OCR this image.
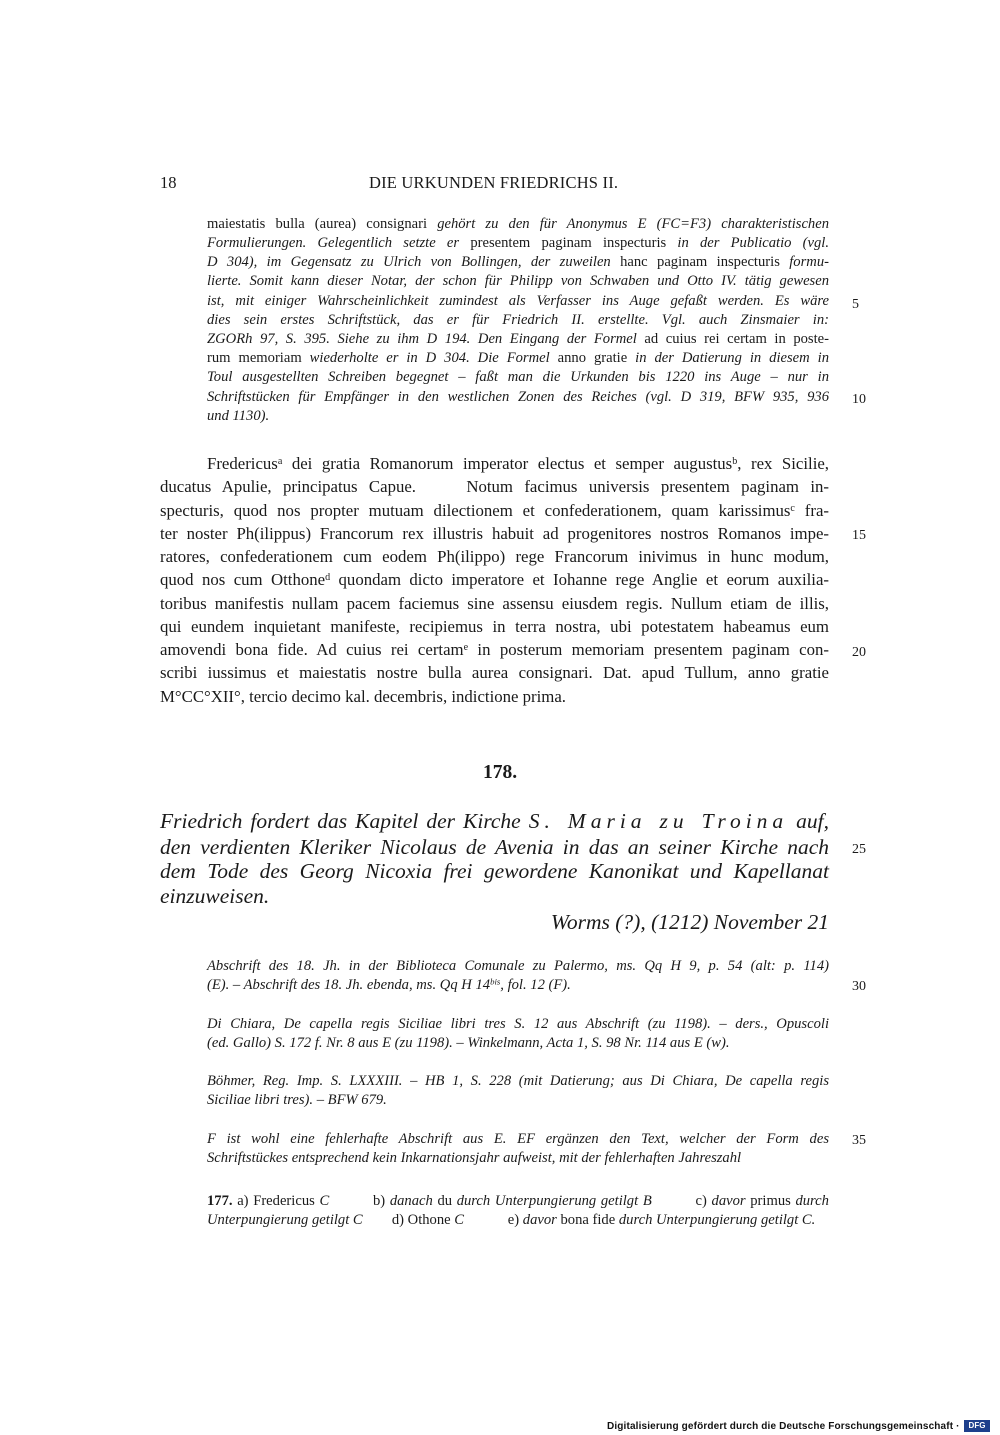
18	DIE URKUNDEN FRIEDRICHS II.
maiestatis bulla (aurea) consignari gehört zu den für Anonymus E (FC=F3) charakteristischen
Formulierungen. Gelegentlich setzte er presentem paginam inspecturis in der Publicatio (vgl.
D 304), im Gegensatz zu Ulrich von Bollingen, der zuweilen hanc paginam inspecturis formu-
lierte. Somit kann dieser Notar, der schon für Philipp von Schwaben und Otto IV. tätig gewesen
ist, mit einiger Wahrscheinlichkeit zumindest als Verfasser ins Auge gefaßt werden. Es wäre
dies sein erstes Schriftstück, das er für Friedrich II. erstellte. Vgl. auch Zinsmaier in:
ZGORh 97, S. 395. Siehe zu ihm D 194. Den Eingang der Formel ad cuius rei certam in poste-
rum memoriam wiederholte er in D 304. Die Formel anno gratie in der Datierung in diesem in
Toul ausgestellten Schreiben begegnet – faßt man die Urkunden bis 1220 ins Auge – nur in
Schriftstücken für Empfänger in den westlichen Zonen des Reiches (vgl. D 319, BFW 935, 936
und 1130).
Fredericus$^a$ dei gratia Romanorum imperator electus et semper augustus$^b$, rex Sicilie,
ducatus Apulie, principatus Capue.   Notum facimus universis presentem paginam in-
specturis, quod nos propter mutuam dilectionem et confederationem, quam karissimus$^c$ fra-
ter noster Ph(ilippus) Francorum rex illustris habuit ad progenitores nostros Romanos impe-
ratores, confederationem cum eodem Ph(ilippo) rege Francorum inivimus in hunc modum,
quod nos cum Otthone$^d$ quondam dicto imperatore et Iohanne rege Anglie et eorum auxilia-
toribus manifestis nullam pacem faciemus sine assensu eiusdem regis. Nullum etiam de illis,
qui eundem inquietant manifeste, recipiemus in terra nostra, ubi potestatem habeamus eum
amovendi bona fide. Ad cuius rei certam$^e$ in posterum memoriam presentem paginam con-
scribi iussimus et maiestatis nostre bulla aurea consignari. Dat. apud Tullum, anno gratie
M°CC°XII°, tercio decimo kal. decembris, indictione prima.
178.
Friedrich fordert das Kapitel der Kirche S. Maria zu Troina auf,
den verdienten Kleriker Nicolaus de Avenia in das an seiner Kirche nach
dem Tode des Georg Nicoxia frei gewordene Kanonikat und Kapellanat
einzuweisen.
Worms (?), (1212) November 21
Abschrift des 18. Jh. in der Biblioteca Comunale zu Palermo, ms. Qq H 9, p. 54 (alt: p. 114)
(E). – Abschrift des 18. Jh. ebenda, ms. Qq H $14^{bis}$, fol. 12 (F).
Di Chiara, De capella regis Siciliae libri tres S. 12 aus Abschrift (zu 1198). – ders., Opuscoli
(ed. Gallo) S. 172 f. Nr. 8 aus E (zu 1198). – Winkelmann, Acta 1, S. 98 Nr. 114 aus E (w).
Böhmer, Reg. Imp. S. LXXXIII. – HB 1, S. 228 (mit Datierung; aus Di Chiara, De capella regis
Siciliae libri tres). – BFW 679.
F ist wohl eine fehlerhafte Abschrift aus E. EF ergänzen den Text, welcher der Form des
Schriftstückes entsprechend kein Inkarnationsjahr aufweist, mit der fehlerhaften Jahreszahl
177. a) Fredericus C   b) danach du durch Unterpungierung getilgt B   c) davor primus durch
Unterpungierung getilgt C  d) Othone C   e) davor bona fide durch Unterpungierung getilgt C.
5
10
15
20
25
30
35
Digitalisierung gefördert durch die Deutsche Forschungsgemeinschaft ·	DFG
